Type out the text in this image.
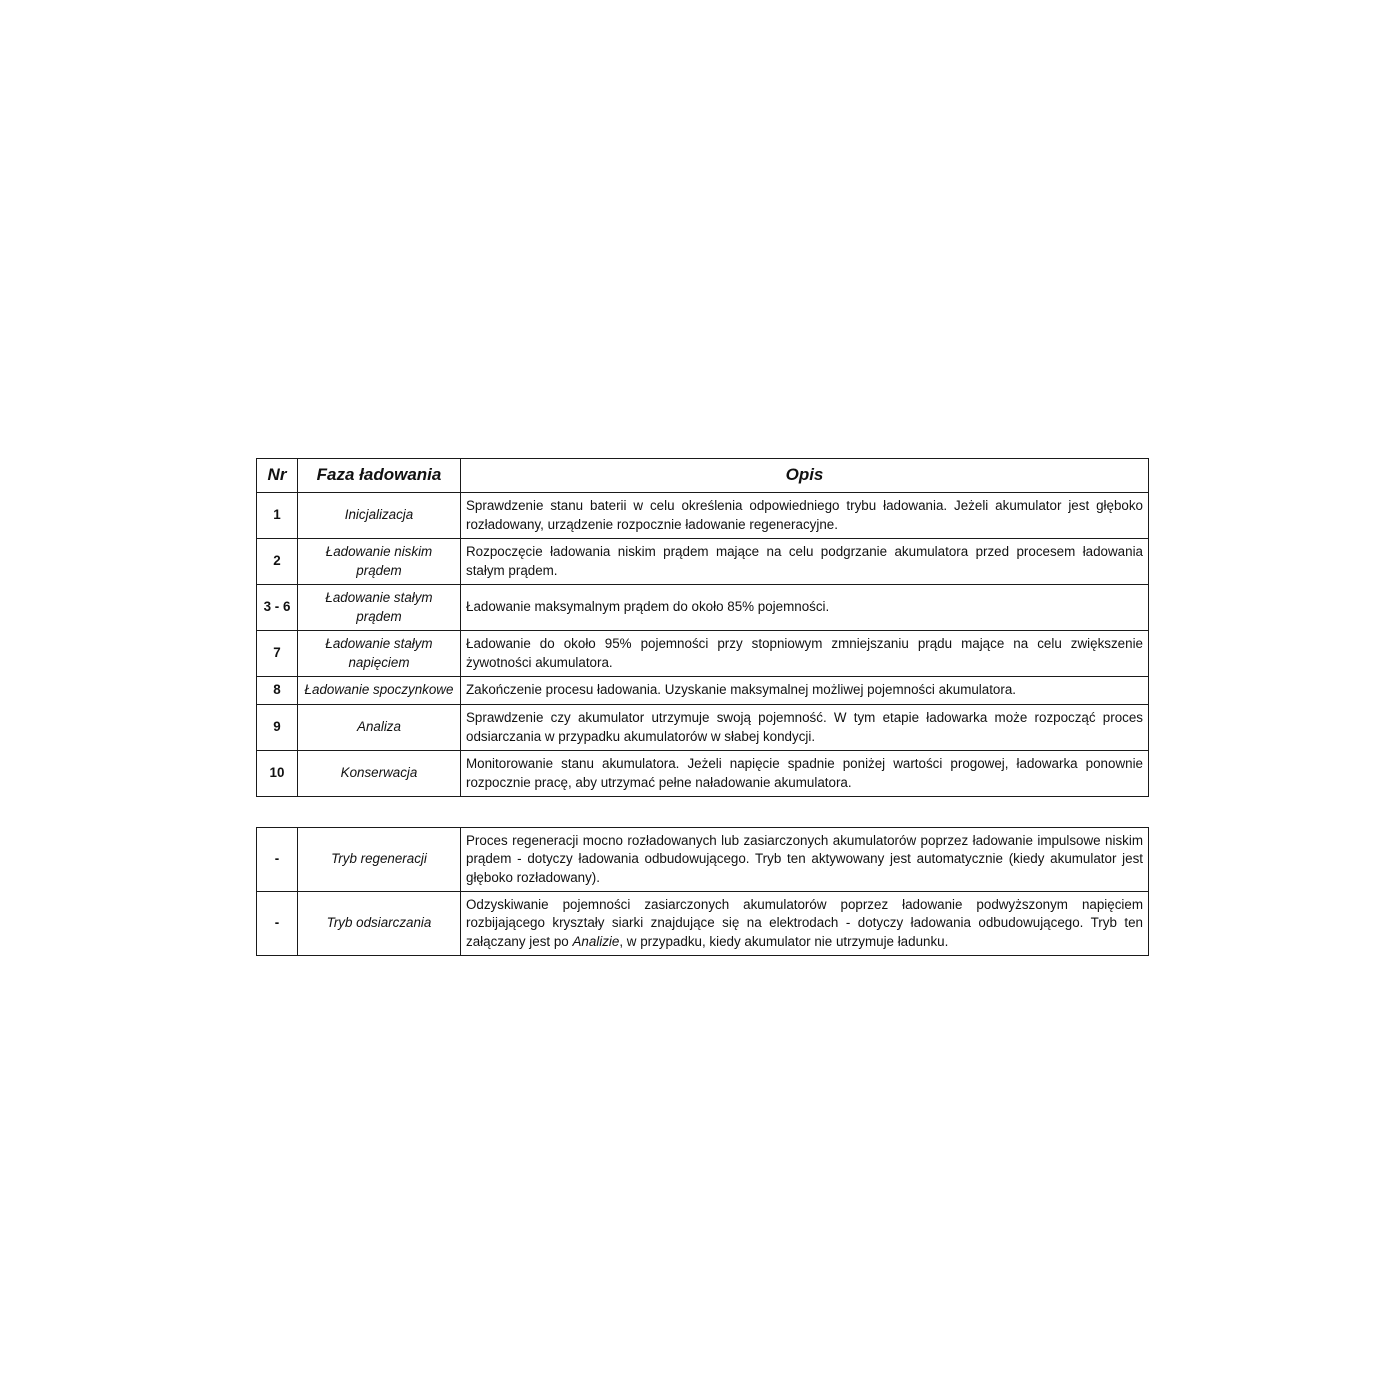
Nr	Faza ładowania	Opis
1	Inicjalizacja	Sprawdzenie stanu baterii w celu określenia odpowiedniego trybu ładowania. Jeżeli akumulator jest głęboko rozładowany, urządzenie rozpocznie ładowanie regeneracyjne.
2	Ładowanie niskim prądem	Rozpoczęcie ładowania niskim prądem mające na celu podgrzanie akumulatora przed procesem ładowania stałym prądem.
3 - 6	Ładowanie stałym prądem	Ładowanie maksymalnym prądem do około 85% pojemności.
7	Ładowanie stałym napięciem	Ładowanie do około 95% pojemności przy stopniowym zmniejszaniu prądu mające na celu zwiększenie żywotności akumulatora.
8	Ładowanie spoczynkowe	Zakończenie procesu ładowania. Uzyskanie maksymalnej możliwej pojemności akumulatora.
9	Analiza	Sprawdzenie czy akumulator utrzymuje swoją pojemność. W tym etapie ładowarka może rozpocząć proces odsiarczania w przypadku akumulatorów w słabej kondycji.
10	Konserwacja	Monitorowanie stanu akumulatora. Jeżeli napięcie spadnie poniżej wartości progowej, ładowarka ponownie rozpocznie pracę, aby utrzymać pełne naładowanie akumulatora.
-	Tryb regeneracji	Proces regeneracji mocno rozładowanych lub zasiarczonych akumulatorów poprzez ładowanie impulsowe niskim prądem - dotyczy ładowania odbudowującego. Tryb ten aktywowany jest automatycznie (kiedy akumulator jest głęboko rozładowany).
-	Tryb odsiarczania	Odzyskiwanie pojemności zasiarczonych akumulatorów poprzez ładowanie podwyższonym napięciem rozbijającego kryształy siarki znajdujące się na elektrodach - dotyczy ładowania odbudowującego. Tryb ten załączany jest po Analizie, w przypadku, kiedy akumulator nie utrzymuje ładunku.
